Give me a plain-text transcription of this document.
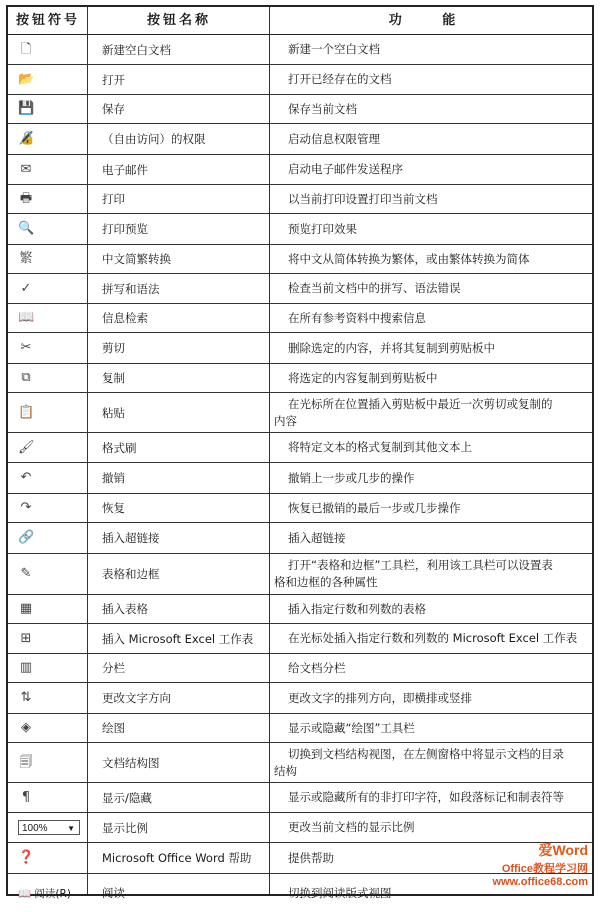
按钮符号	按钮名称	功 能
🗋	新建空白文档	新建一个空白文档
📂	打开	打开已经存在的文档
💾	保存	保存当前文档
🔏	（自由访问）的权限	启动信息权限管理
✉	电子邮件	启动电子邮件发送程序
🖶	打印	以当前打印设置打印当前文档
🔍	打印预览	预览打印效果
繁	中文简繁转换	将中文从简体转换为繁体，或由繁体转换为简体
✓	拼写和语法	检查当前文档中的拼写、语法错误
📖	信息检索	在所有参考资料中搜索信息
✂	剪切	删除选定的内容，并将其复制到剪贴板中
⧉	复制	将选定的内容复制到剪贴板中
📋	粘贴
在光标所在位置插入剪贴板中最近一次剪切或复制的
内容
🖌	格式刷	将特定文本的格式复制到其他文本上
↶	撤销	撤销上一步或几步的操作
↷	恢复	恢复已撤销的最后一步或几步操作
🔗	插入超链接	插入超链接
✎	表格和边框
打开“表格和边框”工具栏，利用该工具栏可以设置表
格和边框的各种属性
▦	插入表格	插入指定行数和列数的表格
⊞	插入 Microsoft Excel 工作表	在光标处插入指定行数和列数的 Microsoft Excel 工作表
▥	分栏	给文档分栏
⇅	更改文字方向	更改文字的排列方向，即横排或竖排
◈	绘图	显示或隐藏“绘图”工具栏
🗐	文档结构图
切换到文档结构视图，在左侧窗格中将显示文档的目录
结构
¶	显示/隐藏	显示或隐藏所有的非打印字符，如段落标记和制表符等
100% ▼	显示比例	更改当前文档的显示比例
❓	Microsoft Office Word 帮助	提供帮助
📖 阅读(R)	阅读	切换到阅读版式视图
爱Word
Office教程学习网
www.office68.com
